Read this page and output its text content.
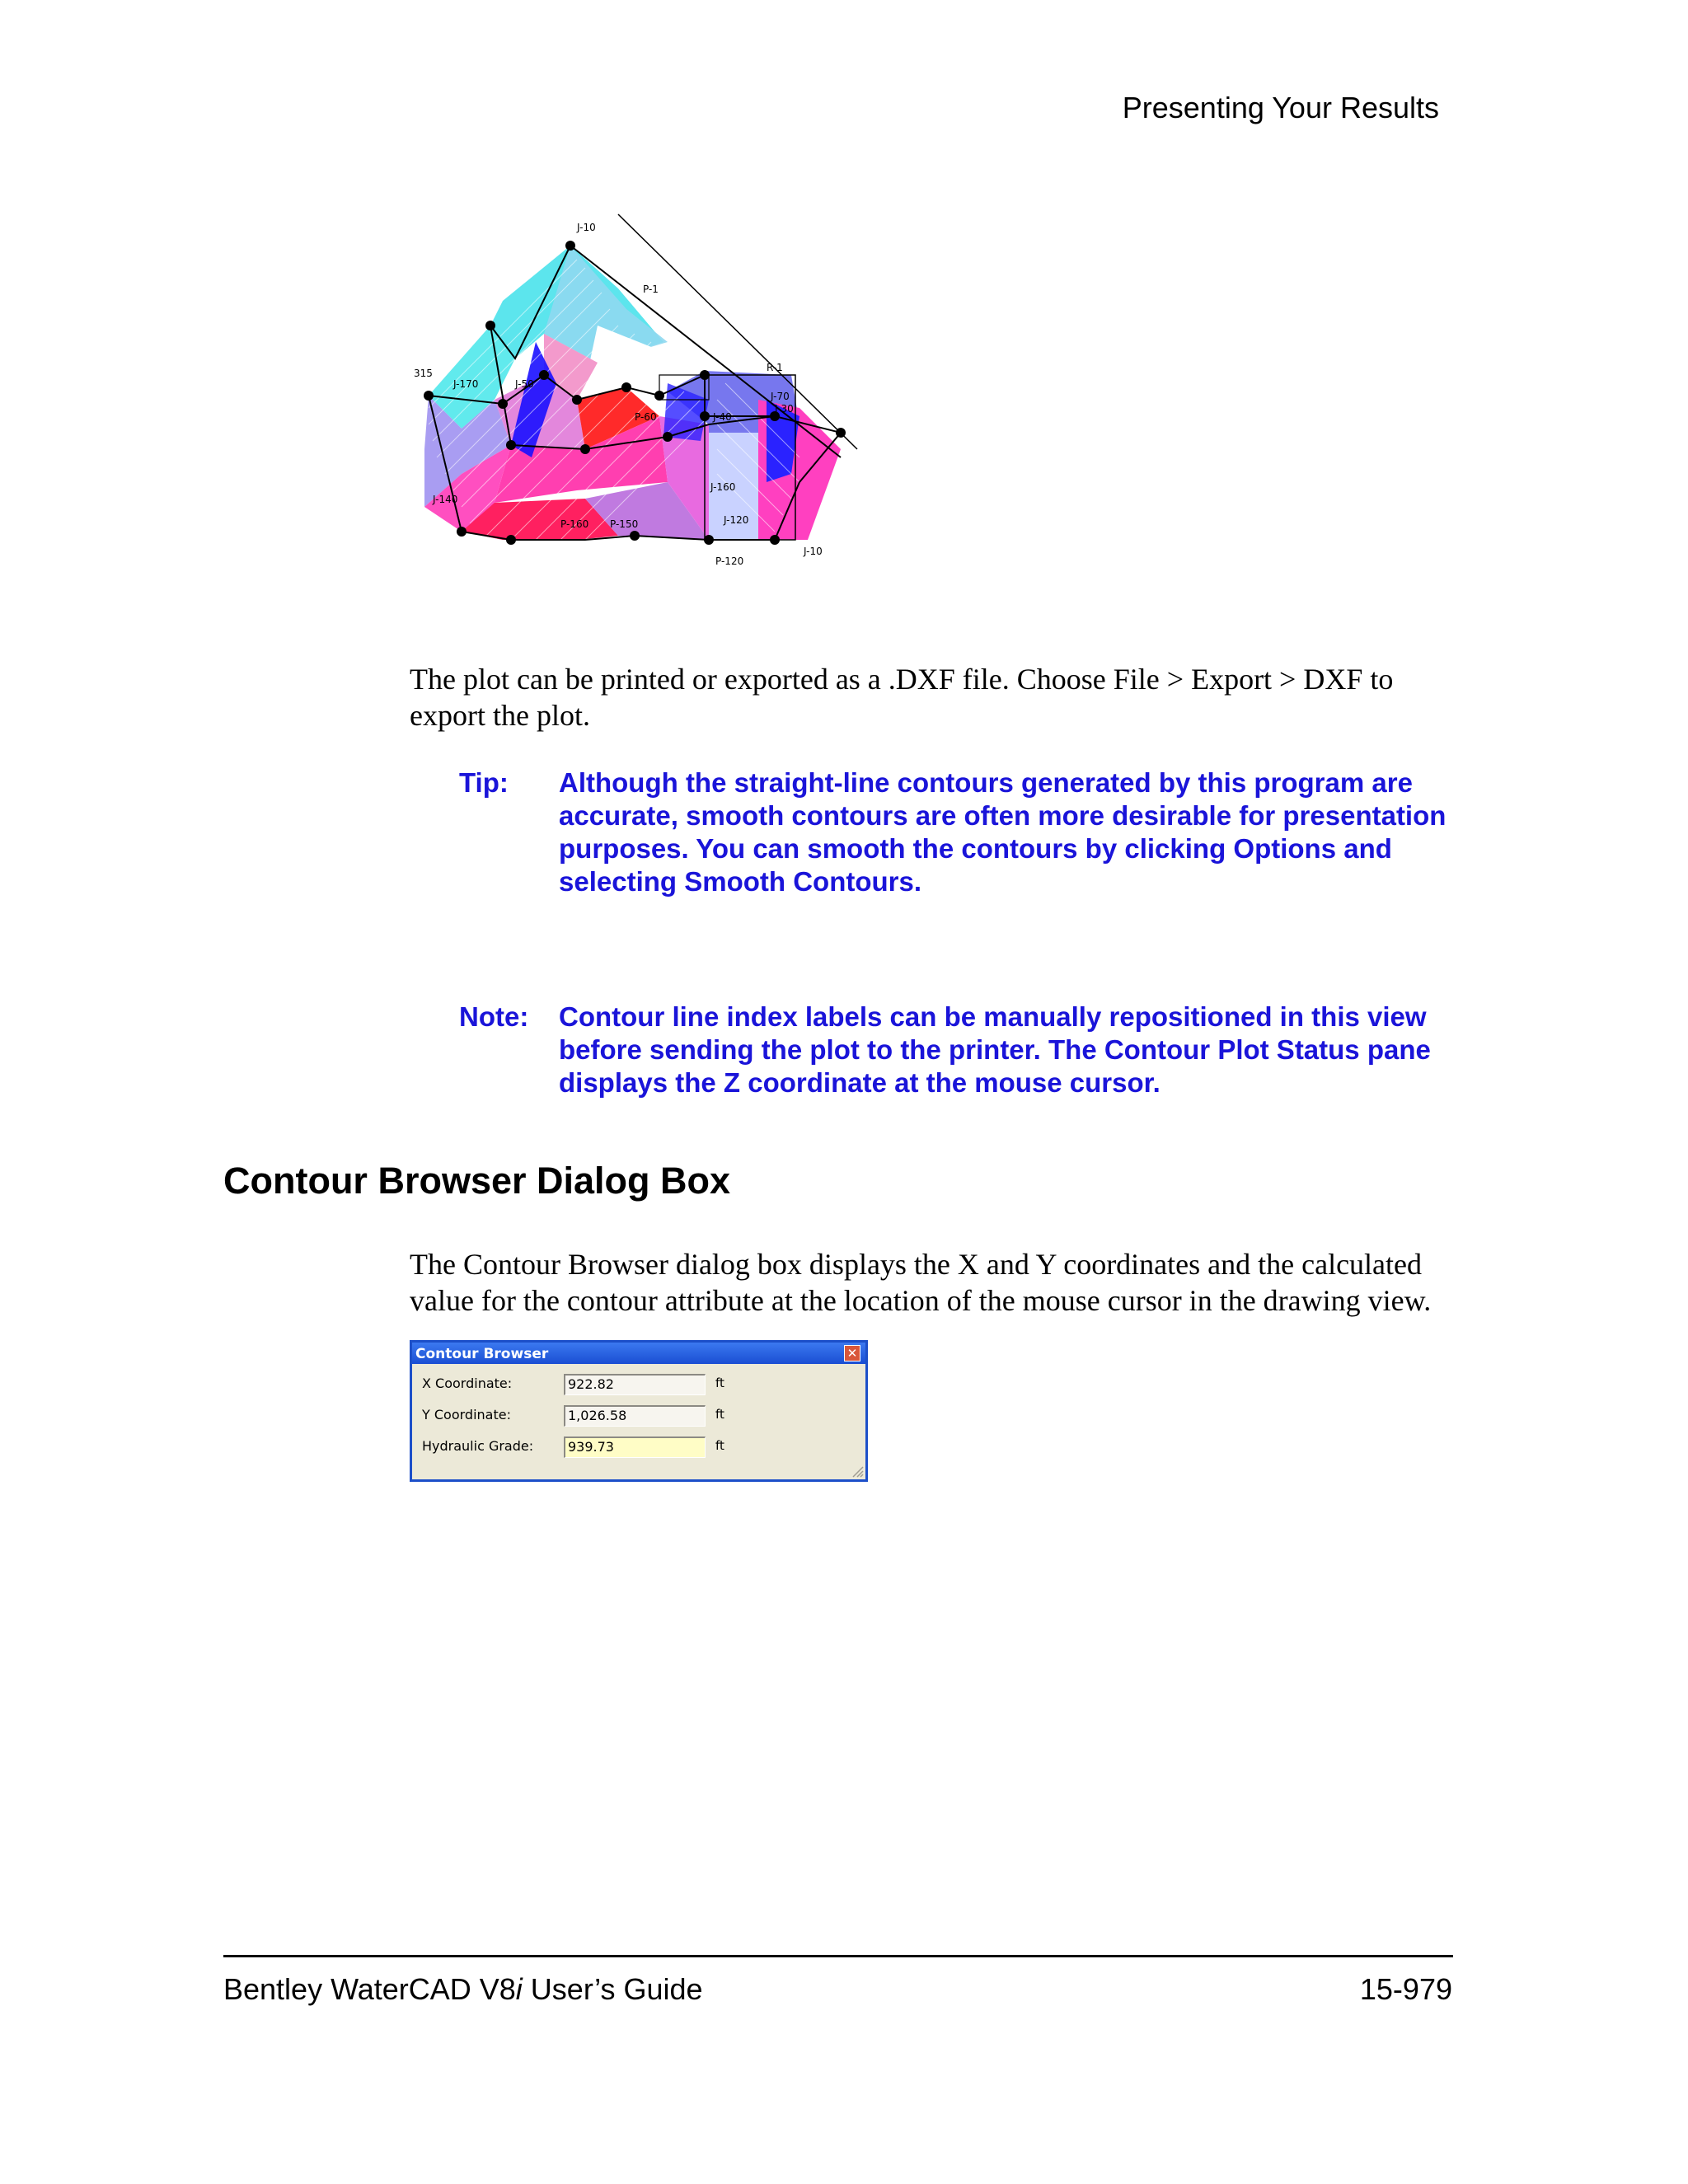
Presenting Your Results
J-10
P-1
R-1
J-70
315
J-170	J-50
P-60	J-40
J-30
J-140
P-160 P-150
J-160
J-120
J-10
P-120
The plot can be printed or exported as a .DXF file. Choose File > Export > DXF to export the plot.
Tip: Although the straight-line contours generated by this program are accurate, smooth contours are often more desirable for presentation purposes. You can smooth the contours by clicking Options and selecting Smooth Contours.
Note: Contour line index labels can be manually repositioned in this view before sending the plot to the printer. The Contour Plot Status pane displays the Z coordinate at the mouse cursor.
Contour Browser Dialog Box
The Contour Browser dialog box displays the X and Y coordinates and the calculated value for the contour attribute at the location of the mouse cursor in the drawing view.
Contour Browser	✕
X Coordinate:	922.82	ft
Y Coordinate:	1,026.58	ft
Hydraulic Grade:	939.73	ft
Bentley WaterCAD V8i User’s Guide	15-979
